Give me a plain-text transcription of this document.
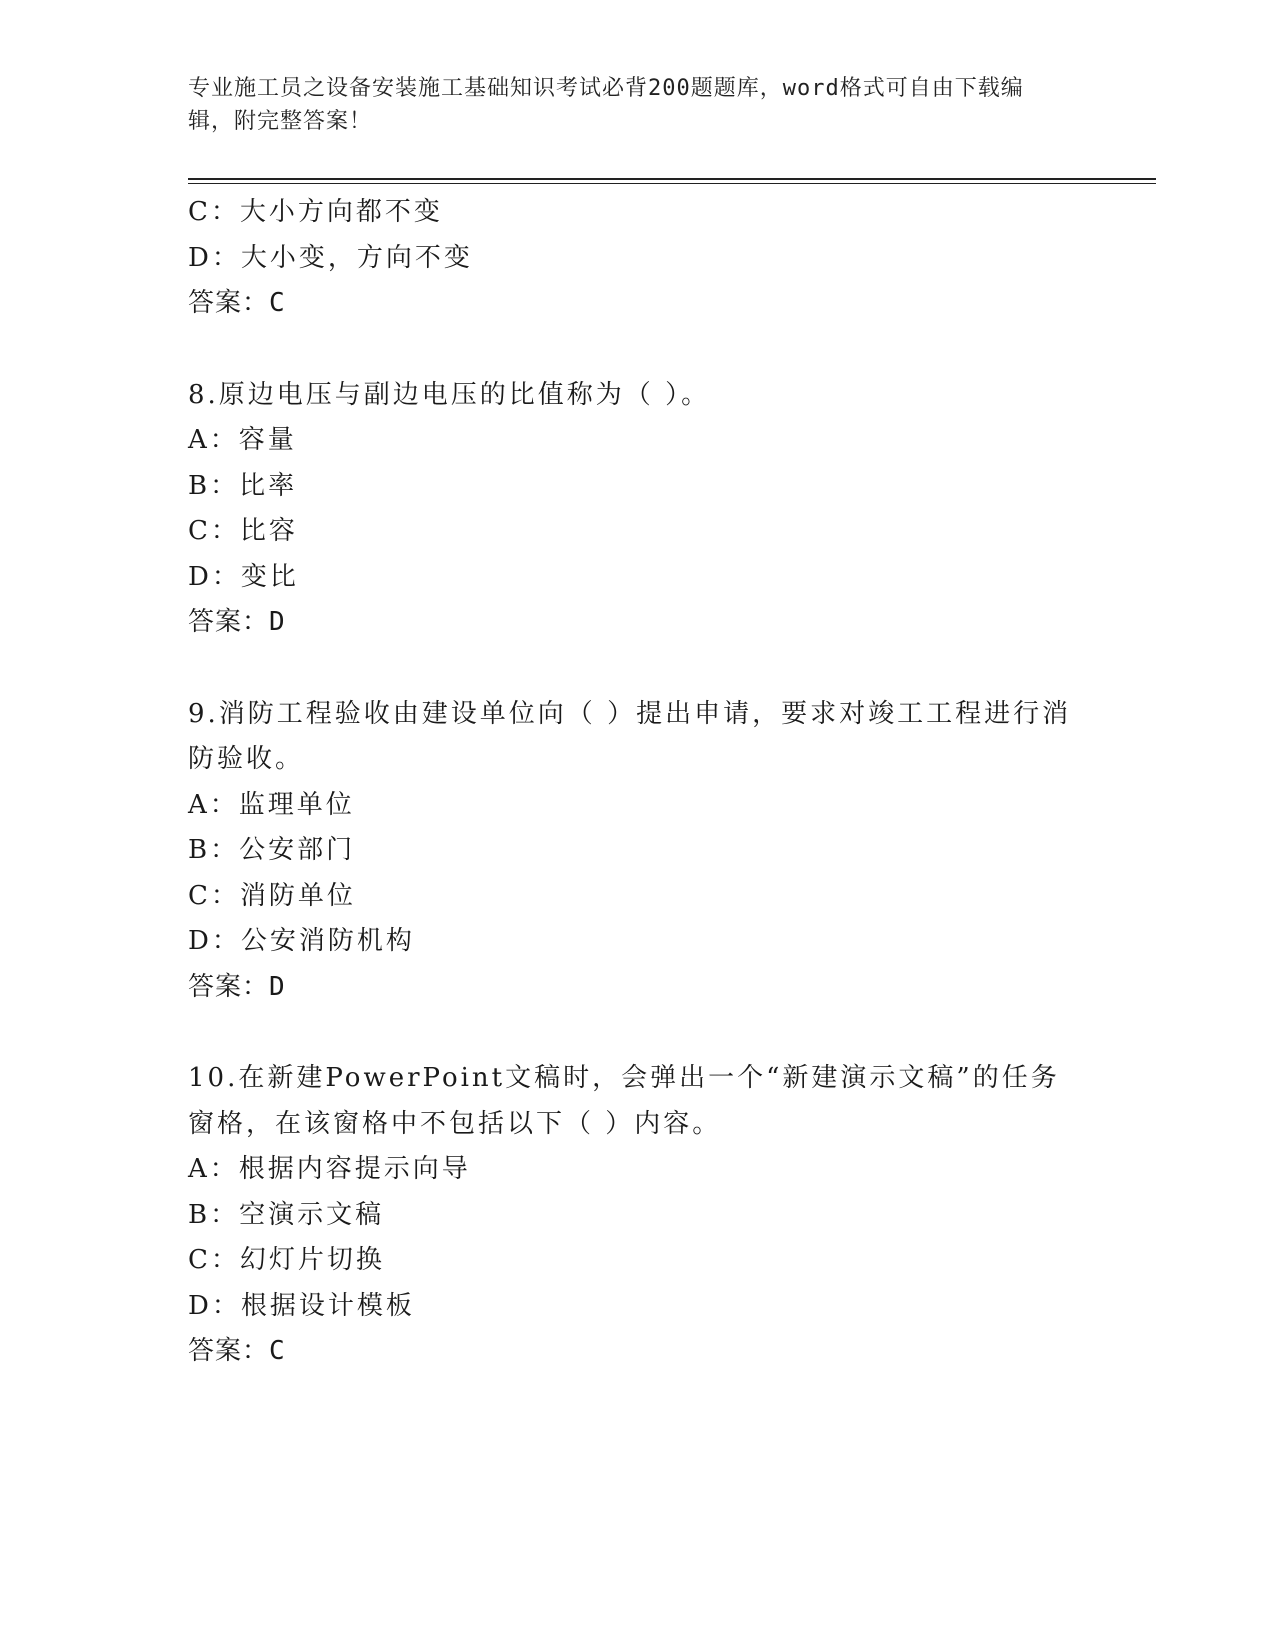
专业施工员之设备安装施工基础知识考试必背200题题库，word格式可自由下载编辑，附完整答案！
C：大小方向都不变
D：大小变，方向不变
答案：C
8.原边电压与副边电压的比值称为（ ）。
A：容量
B：比率
C：比容
D：变比
答案：D
9.消防工程验收由建设单位向（ ）提出申请，要求对竣工工程进行消防验收。
A：监理单位
B：公安部门
C：消防单位
D：公安消防机构
答案：D
10.在新建PowerPoint文稿时，会弹出一个“新建演示文稿”的任务窗格，在该窗格中不包括以下（ ）内容。
A：根据内容提示向导
B：空演示文稿
C：幻灯片切换
D：根据设计模板
答案：C
